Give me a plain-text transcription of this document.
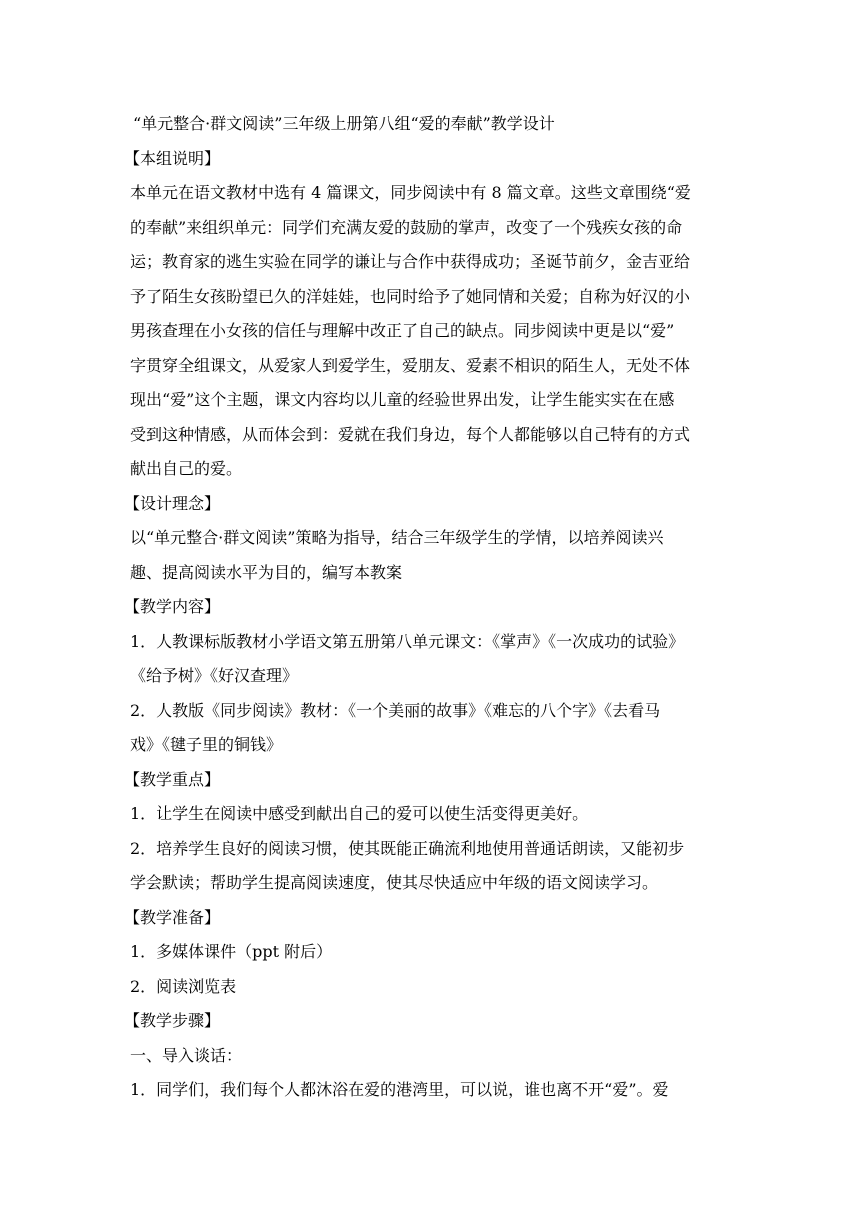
“单元整合·群文阅读”三年级上册第八组“爱的奉献”教学设计
【本组说明】
本单元在语文教材中选有 4 篇课文，同步阅读中有 8 篇文章。这些文章围绕“爱
的奉献”来组织单元：同学们充满友爱的鼓励的掌声，改变了一个残疾女孩的命
运；教育家的逃生实验在同学的谦让与合作中获得成功；圣诞节前夕，金吉亚给
予了陌生女孩盼望已久的洋娃娃，也同时给予了她同情和关爱；自称为好汉的小
男孩查理在小女孩的信任与理解中改正了自己的缺点。同步阅读中更是以“爱”
字贯穿全组课文，从爱家人到爱学生，爱朋友、爱素不相识的陌生人，无处不体
现出“爱”这个主题，课文内容均以儿童的经验世界出发，让学生能实实在在感
受到这种情感，从而体会到：爱就在我们身边，每个人都能够以自己特有的方式
献出自己的爱。
【设计理念】
以“单元整合·群文阅读”策略为指导，结合三年级学生的学情，以培养阅读兴
趣、提高阅读水平为目的，编写本教案
【教学内容】
1．人教课标版教材小学语文第五册第八单元课文：《掌声》《一次成功的试验》
《给予树》《好汉查理》
2．人教版《同步阅读》教材：《一个美丽的故事》《难忘的八个字》《去看马
戏》《毽子里的铜钱》
【教学重点】
1．让学生在阅读中感受到献出自己的爱可以使生活变得更美好。
2．培养学生良好的阅读习惯，使其既能正确流利地使用普通话朗读，又能初步
学会默读；帮助学生提高阅读速度，使其尽快适应中年级的语文阅读学习。
【教学准备】
1．多媒体课件（ppt 附后）
2．阅读浏览表
【教学步骤】
一、导入谈话：
1．同学们，我们每个人都沐浴在爱的港湾里，可以说，谁也离不开“爱”。爱
